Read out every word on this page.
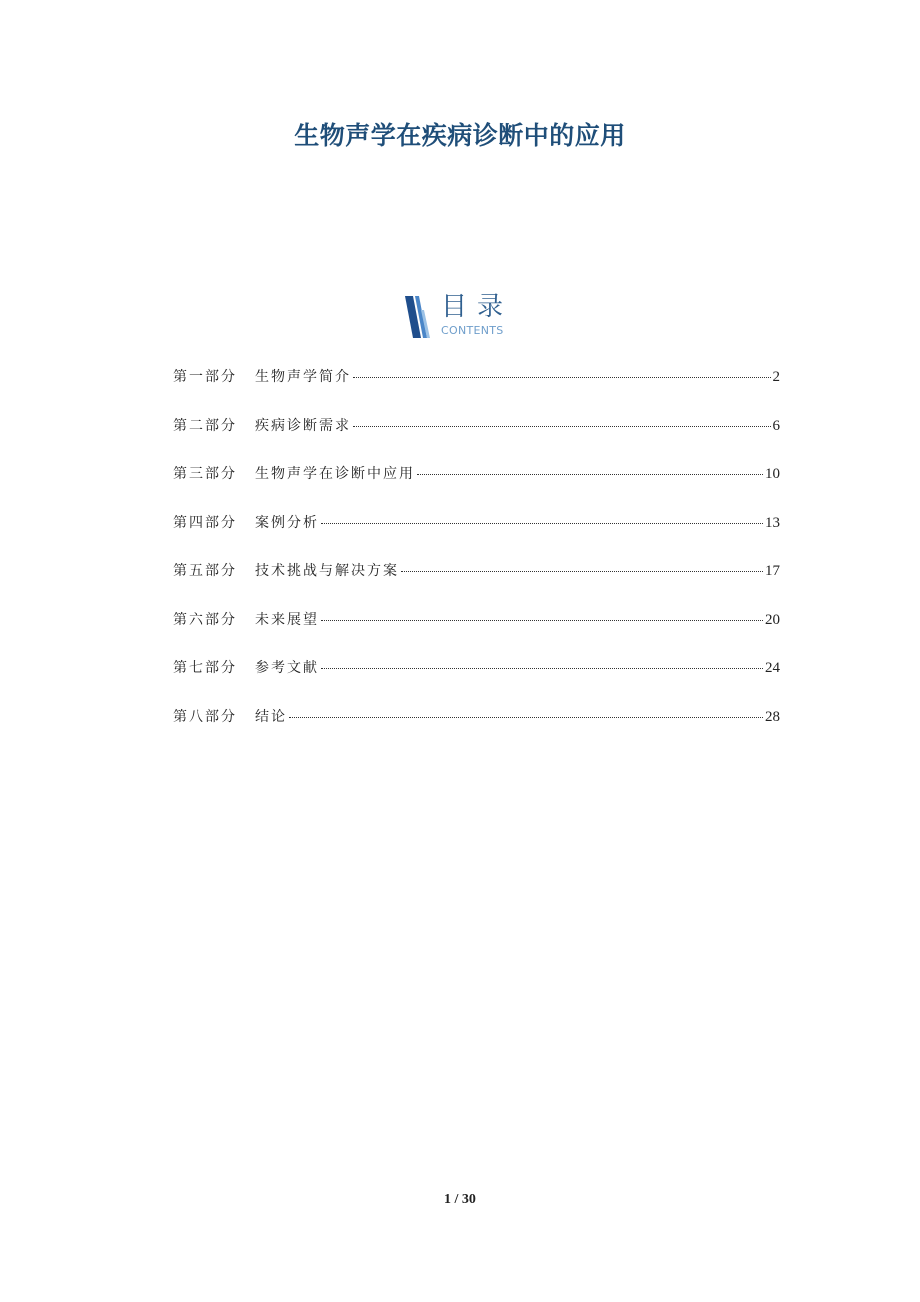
生物声学在疾病诊断中的应用
目录
CONTENTS
第一部分	生物声学简介	2
第二部分	疾病诊断需求	6
第三部分	生物声学在诊断中应用	10
第四部分	案例分析	13
第五部分	技术挑战与解决方案	17
第六部分	未来展望	20
第七部分	参考文献	24
第八部分	结论	28
1 / 30
